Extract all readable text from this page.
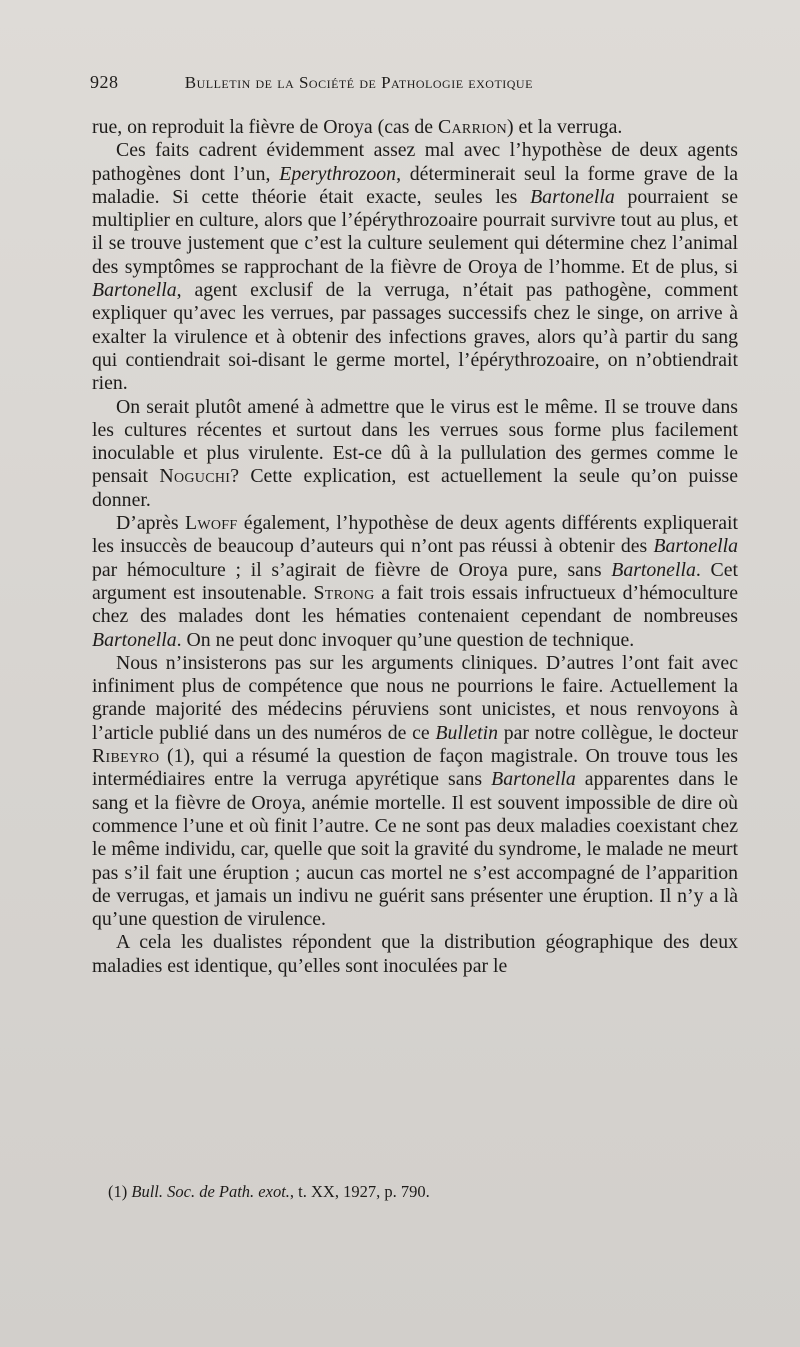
928	Bulletin de la Société de Pathologie exotique

rue, on reproduit la fièvre de Oroya (cas de Carrion) et la verruga.

Ces faits cadrent évidemment assez mal avec l’hypothèse de deux agents pathogènes dont l’un, Eperythrozoon, déterminerait seul la forme grave de la maladie. Si cette théorie était exacte, seules les Bartonella pourraient se multiplier en culture, alors que l’épérythrozoaire pourrait survivre tout au plus, et il se trouve justement que c’est la culture seulement qui détermine chez l’animal des symptômes se rapprochant de la fièvre de Oroya de l’homme. Et de plus, si Bartonella, agent exclusif de la verruga, n’était pas pathogène, comment expliquer qu’avec les verrues, par passages successifs chez le singe, on arrive à exalter la virulence et à obtenir des infections graves, alors qu’à partir du sang qui contiendrait soi-disant le germe mortel, l’épérythrozoaire, on n’obtiendrait rien.

On serait plutôt amené à admettre que le virus est le même. Il se trouve dans les cultures récentes et surtout dans les verrues sous forme plus facilement inoculable et plus virulente. Est-ce dû à la pullulation des germes comme le pensait Noguchi? Cette explication, est actuellement la seule qu’on puisse donner.

D’après Lwoff également, l’hypothèse de deux agents différents expliquerait les insuccès de beaucoup d’auteurs qui n’ont pas réussi à obtenir des Bartonella par hémoculture ; il s’agirait de fièvre de Oroya pure, sans Bartonella. Cet argument est insoutenable. Strong a fait trois essais infructueux d’hémoculture chez des malades dont les hématies contenaient cependant de nombreuses Bartonella. On ne peut donc invoquer qu’une question de technique.

Nous n’insisterons pas sur les arguments cliniques. D’autres l’ont fait avec infiniment plus de compétence que nous ne pourrions le faire. Actuellement la grande majorité des médecins péruviens sont unicistes, et nous renvoyons à l’article publié dans un des numéros de ce Bulletin par notre collègue, le docteur Ribeyro (1), qui a résumé la question de façon magistrale. On trouve tous les intermédiaires entre la verruga apyrétique sans Bartonella apparentes dans le sang et la fièvre de Oroya, anémie mortelle. Il est souvent impossible de dire où commence l’une et où finit l’autre. Ce ne sont pas deux maladies coexistant chez le même individu, car, quelle que soit la gravité du syndrome, le malade ne meurt pas s’il fait une éruption ; aucun cas mortel ne s’est accompagné de l’apparition de verrugas, et jamais un indivu ne guérit sans présenter une éruption. Il n’y a là qu’une question de virulence.

A cela les dualistes répondent que la distribution géographique des deux maladies est identique, qu’elles sont inoculées par le

(1) Bull. Soc. de Path. exot., t. XX, 1927, p. 790.
